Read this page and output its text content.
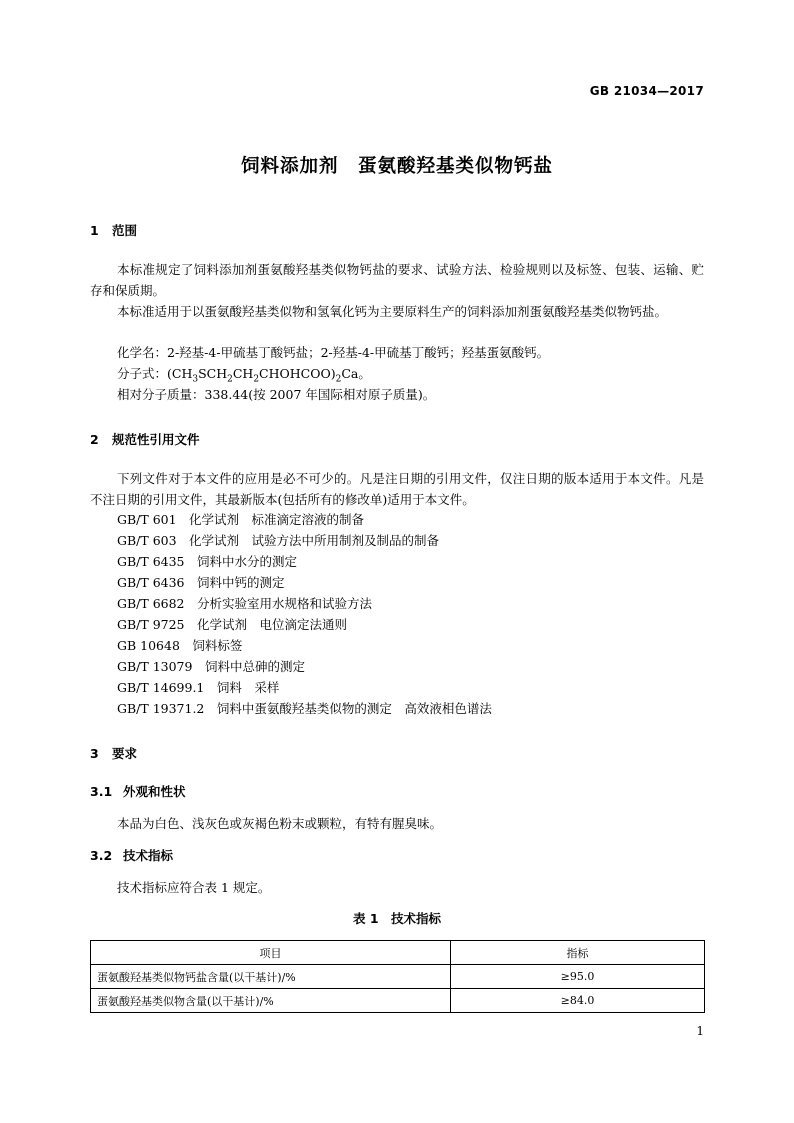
GB 21034—2017
饲料添加剂　蛋氨酸羟基类似物钙盐
1 范围
本标准规定了饲料添加剂蛋氨酸羟基类似物钙盐的要求、试验方法、检验规则以及标签、包装、运输、贮存和保质期。
本标准适用于以蛋氨酸羟基类似物和氢氧化钙为主要原料生产的饲料添加剂蛋氨酸羟基类似物钙盐。
化学名：2-羟基-4-甲硫基丁酸钙盐；2-羟基-4-甲硫基丁酸钙；羟基蛋氨酸钙。
分子式：$(CH_3SCH_2CH_2CHOHCOO)_2Ca$。
相对分子质量：338.44(按 2007 年国际相对原子质量)。
2 规范性引用文件
下列文件对于本文件的应用是必不可少的。凡是注日期的引用文件，仅注日期的版本适用于本文件。凡是不注日期的引用文件，其最新版本(包括所有的修改单)适用于本文件。
GB/T 601　化学试剂　标准滴定溶液的制备
GB/T 603　化学试剂　试验方法中所用制剂及制品的制备
GB/T 6435　饲料中水分的测定
GB/T 6436　饲料中钙的测定
GB/T 6682　分析实验室用水规格和试验方法
GB/T 9725　化学试剂　电位滴定法通则
GB 10648　饲料标签
GB/T 13079　饲料中总砷的测定
GB/T 14699.1　饲料　采样
GB/T 19371.2　饲料中蛋氨酸羟基类似物的测定　高效液相色谱法
3 要求
3.1 外观和性状
本品为白色、浅灰色或灰褐色粉末或颗粒，有特有腥臭味。
3.2 技术指标
技术指标应符合表 1 规定。
表 1　技术指标
项目	指标
蛋氨酸羟基类似物钙盐含量(以干基计)/%	≥95.0
蛋氨酸羟基类似物含量(以干基计)/%	≥84.0
1
